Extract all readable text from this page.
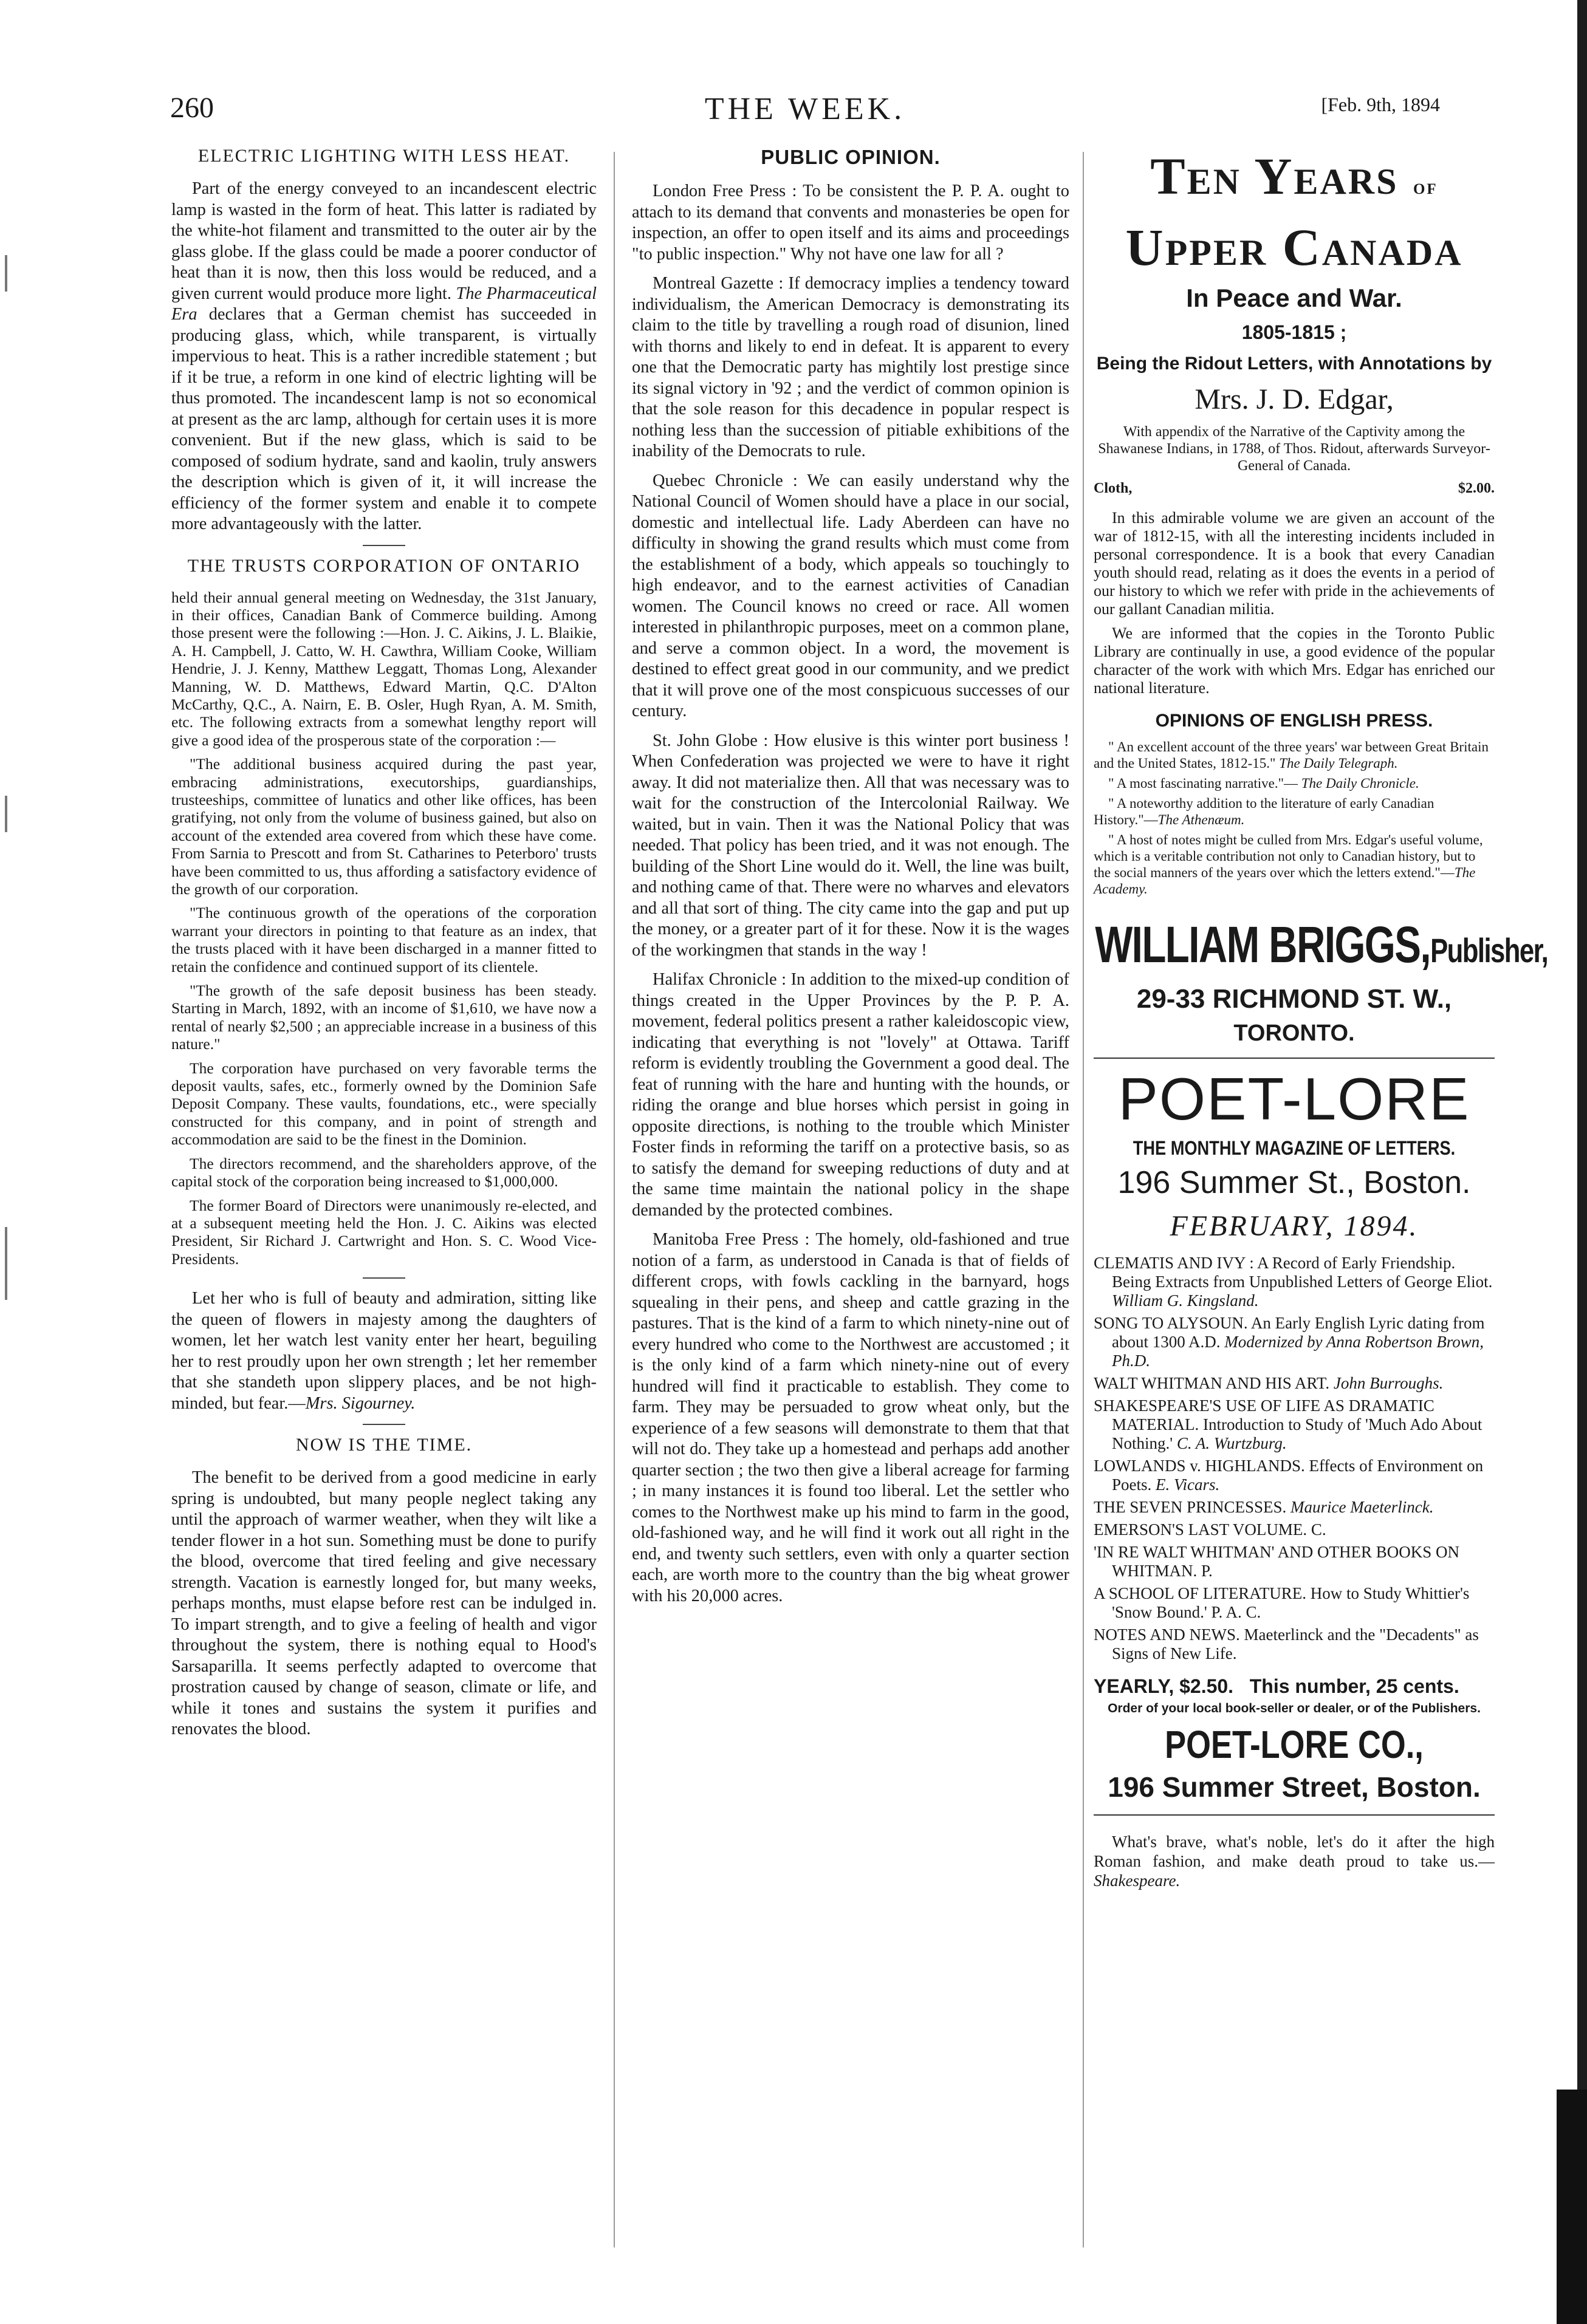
260	THE WEEK.	[Feb. 9th, 1894
ELECTRIC LIGHTING WITH LESS HEAT.

Part of the energy conveyed to an incandescent electric lamp is wasted in the form of heat. This latter is radiated by the white-hot filament and transmitted to the outer air by the glass globe. If the glass could be made a poorer conductor of heat than it is now, then this loss would be reduced, and a given current would produce more light. The Pharmaceutical Era declares that a German chemist has succeeded in producing glass, which, while transparent, is virtually impervious to heat. This is a rather incredible statement ; but if it be true, a reform in one kind of electric lighting will be thus promoted. The incandescent lamp is not so economical at present as the arc lamp, although for certain uses it is more convenient. But if the new glass, which is said to be composed of sodium hydrate, sand and kaolin, truly answers the description which is given of it, it will increase the efficiency of the former system and enable it to compete more advantageously with the latter.

THE TRUSTS CORPORATION OF ONTARIO

held their annual general meeting on Wednesday, the 31st January, in their offices, Canadian Bank of Commerce building. Among those present were the following :—Hon. J. C. Aikins, J. L. Blaikie, A. H. Campbell, J. Catto, W. H. Cawthra, William Cooke, William Hendrie, J. J. Kenny, Matthew Leggatt, Thomas Long, Alexander Manning, W. D. Matthews, Edward Martin, Q.C. D'Alton McCarthy, Q.C., A. Nairn, E. B. Osler, Hugh Ryan, A. M. Smith, etc. The following extracts from a somewhat lengthy report will give a good idea of the prosperous state of the corporation :—

"The additional business acquired during the past year, embracing administrations, executorships, guardianships, trusteeships, committee of lunatics and other like offices, has been gratifying, not only from the volume of business gained, but also on account of the extended area covered from which these have come. From Sarnia to Prescott and from St. Catharines to Peterboro' trusts have been committed to us, thus affording a satisfactory evidence of the growth of our corporation.

"The continuous growth of the operations of the corporation warrant your directors in pointing to that feature as an index, that the trusts placed with it have been discharged in a manner fitted to retain the confidence and continued support of its clientele.

"The growth of the safe deposit business has been steady. Starting in March, 1892, with an income of $1,610, we have now a rental of nearly $2,500 ; an appreciable increase in a business of this nature."

The corporation have purchased on very favorable terms the deposit vaults, safes, etc., formerly owned by the Dominion Safe Deposit Company. These vaults, foundations, etc., were specially constructed for this company, and in point of strength and accommodation are said to be the finest in the Dominion.

The directors recommend, and the shareholders approve, of the capital stock of the corporation being increased to $1,000,000.

The former Board of Directors were unanimously re-elected, and at a subsequent meeting held the Hon. J. C. Aikins was elected President, Sir Richard J. Cartwright and Hon. S. C. Wood Vice-Presidents.

Let her who is full of beauty and admiration, sitting like the queen of flowers in majesty among the daughters of women, let her watch lest vanity enter her heart, beguiling her to rest proudly upon her own strength ; let her remember that she standeth upon slippery places, and be not high-minded, but fear.—Mrs. Sigourney.

NOW IS THE TIME.

The benefit to be derived from a good medicine in early spring is undoubted, but many people neglect taking any until the approach of warmer weather, when they wilt like a tender flower in a hot sun. Something must be done to purify the blood, overcome that tired feeling and give necessary strength. Vacation is earnestly longed for, but many weeks, perhaps months, must elapse before rest can be indulged in. To impart strength, and to give a feeling of health and vigor throughout the system, there is nothing equal to Hood's Sarsaparilla. It seems perfectly adapted to overcome that prostration caused by change of season, climate or life, and while it tones and sustains the system it purifies and renovates the blood.

PUBLIC OPINION.

London Free Press : To be consistent the P. P. A. ought to attach to its demand that convents and monasteries be open for inspection, an offer to open itself and its aims and proceedings "to public inspection." Why not have one law for all ?

Montreal Gazette : If democracy implies a tendency toward individualism, the American Democracy is demonstrating its claim to the title by travelling a rough road of disunion, lined with thorns and likely to end in defeat. It is apparent to every one that the Democratic party has mightily lost prestige since its signal victory in '92 ; and the verdict of common opinion is that the sole reason for this decadence in popular respect is nothing less than the succession of pitiable exhibitions of the inability of the Democrats to rule.

Quebec Chronicle : We can easily understand why the National Council of Women should have a place in our social, domestic and intellectual life. Lady Aberdeen can have no difficulty in showing the grand results which must come from the establishment of a body, which appeals so touchingly to high endeavor, and to the earnest activities of Canadian women. The Council knows no creed or race. All women interested in philanthropic purposes, meet on a common plane, and serve a common object. In a word, the movement is destined to effect great good in our community, and we predict that it will prove one of the most conspicuous successes of our century.

St. John Globe : How elusive is this winter port business ! When Confederation was projected we were to have it right away. It did not materialize then. All that was necessary was to wait for the construction of the Intercolonial Railway. We waited, but in vain. Then it was the National Policy that was needed. That policy has been tried, and it was not enough. The building of the Short Line would do it. Well, the line was built, and nothing came of that. There were no wharves and elevators and all that sort of thing. The city came into the gap and put up the money, or a greater part of it for these. Now it is the wages of the workingmen that stands in the way !

Halifax Chronicle : In addition to the mixed-up condition of things created in the Upper Provinces by the P. P. A. movement, federal politics present a rather kaleidoscopic view, indicating that everything is not "lovely" at Ottawa. Tariff reform is evidently troubling the Government a good deal. The feat of running with the hare and hunting with the hounds, or riding the orange and blue horses which persist in going in opposite directions, is nothing to the trouble which Minister Foster finds in reforming the tariff on a protective basis, so as to satisfy the demand for sweeping reductions of duty and at the same time maintain the national policy in the shape demanded by the protected combines.

Manitoba Free Press : The homely, old-fashioned and true notion of a farm, as understood in Canada is that of fields of different crops, with fowls cackling in the barnyard, hogs squealing in their pens, and sheep and cattle grazing in the pastures. That is the kind of a farm to which ninety-nine out of every hundred who come to the Northwest are accustomed ; it is the only kind of a farm which ninety-nine out of every hundred will find it practicable to establish. They come to farm. They may be persuaded to grow wheat only, but the experience of a few seasons will demonstrate to them that that will not do. They take up a homestead and perhaps add another quarter section ; the two then give a liberal acreage for farming ; in many instances it is found too liberal. Let the settler who comes to the Northwest make up his mind to farm in the good, old-fashioned way, and he will find it work out all right in the end, and twenty such settlers, even with only a quarter section each, are worth more to the country than the big wheat grower with his 20,000 acres.

Ten Years of
Upper Canada
In Peace and War.
1805-1815 ;
Being the Ridout Letters, with Annotations by
Mrs. J. D. Edgar,
With appendix of the Narrative of the Captivity among the Shawanese Indians, in 1788, of Thos. Ridout, afterwards Surveyor-General of Canada.
Cloth,	$2.00.

In this admirable volume we are given an account of the war of 1812-15, with all the interesting incidents included in personal correspondence. It is a book that every Canadian youth should read, relating as it does the events in a period of our history to which we refer with pride in the achievements of our gallant Canadian militia.

We are informed that the copies in the Toronto Public Library are continually in use, a good evidence of the popular character of the work with which Mrs. Edgar has enriched our national literature.

OPINIONS OF ENGLISH PRESS.

" An excellent account of the three years' war between Great Britain and the United States, 1812-15." The Daily Telegraph.

" A most fascinating narrative."— The Daily Chronicle.

" A noteworthy addition to the literature of early Canadian History."—The Athenæum.

" A host of notes might be culled from Mrs. Edgar's useful volume, which is a veritable contribution not only to Canadian history, but to the social manners of the years over which the letters extend."—The Academy.

WILLIAM BRIGGS,Publisher,
29-33 RICHMOND ST. W.,
TORONTO.
POET-LORE
THE MONTHLY MAGAZINE OF LETTERS.
196 Summer St., Boston.
FEBRUARY, 1894.

CLEMATIS AND IVY : A Record of Early Friendship. Being Extracts from Unpublished Letters of George Eliot. William G. Kingsland.

SONG TO ALYSOUN. An Early English Lyric dating from about 1300 A.D. Modernized by Anna Robertson Brown, Ph.D.

WALT WHITMAN AND HIS ART. John Burroughs.

SHAKESPEARE'S USE OF LIFE AS DRAMATIC MATERIAL. Introduction to Study of 'Much Ado About Nothing.' C. A. Wurtzburg.

LOWLANDS v. HIGHLANDS. Effects of Environment on Poets. E. Vicars.

THE SEVEN PRINCESSES. Maurice Maeterlinck.

EMERSON'S LAST VOLUME. C.

'IN RE WALT WHITMAN' AND OTHER BOOKS ON WHITMAN. P.

A SCHOOL OF LITERATURE. How to Study Whittier's 'Snow Bound.' P. A. C.

NOTES AND NEWS. Maeterlinck and the "Decadents" as Signs of New Life.

YEARLY, $2.50. This number, 25 cents.
Order of your local book-seller or dealer, or of the Publishers.
POET-LORE CO.,
196 Summer Street, Boston.

What's brave, what's noble, let's do it after the high Roman fashion, and make death proud to take us.—Shakespeare.
